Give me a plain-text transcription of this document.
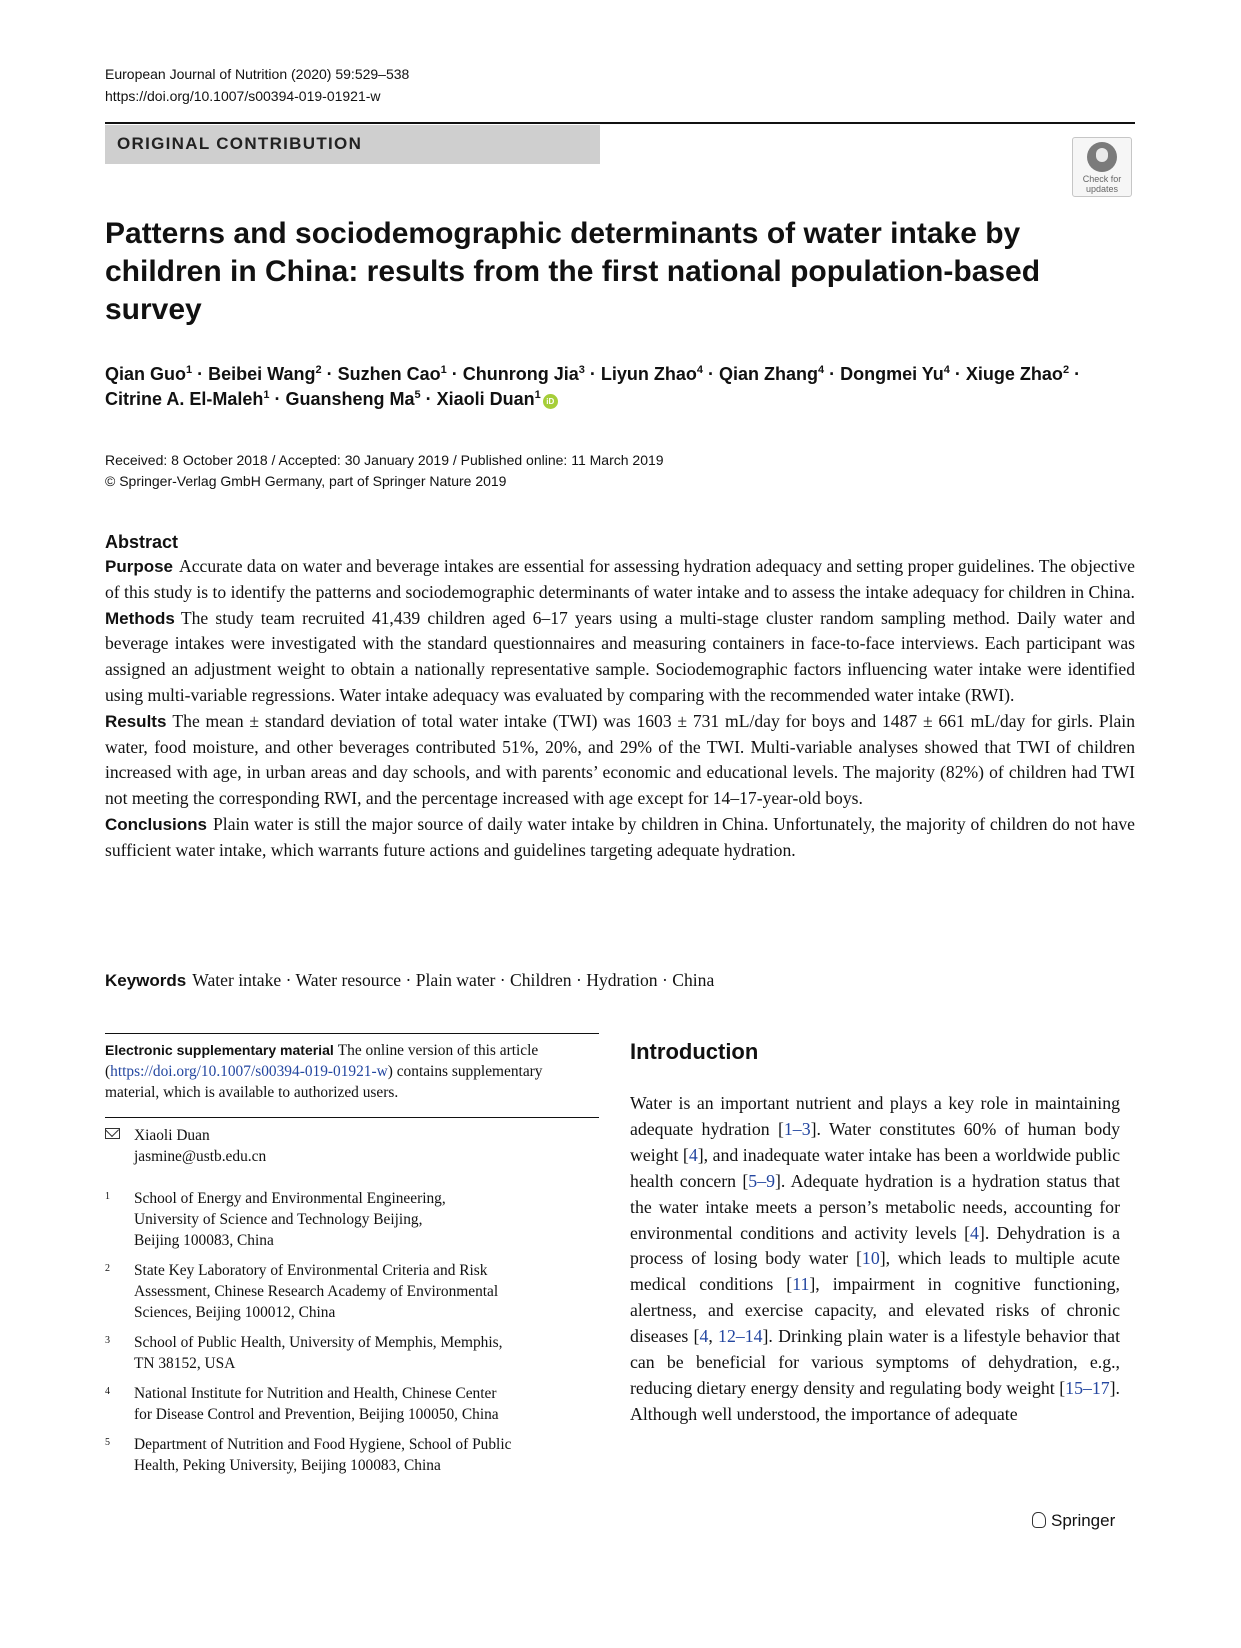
European Journal of Nutrition (2020) 59:529–538
https://doi.org/10.1007/s00394-019-01921-w
ORIGINAL CONTRIBUTION
Check for
updates
Patterns and sociodemographic determinants of water intake by children in China: results from the first national population-based survey
Qian Guo$^1$ · Beibei Wang$^2$ · Suzhen Cao$^1$ · Chunrong Jia$^3$ · Liyun Zhao$^4$ · Qian Zhang$^4$ · Dongmei $Yu^4$ · Xiuge Zhao$^2$ ·
Citrine A. El-Maleh$^1$ · Guansheng $Ma^5$ · Xiaoli Duan$^1$iD
Received: 8 October 2018 / Accepted: 30 January 2019 / Published online: 11 March 2019
© Springer-Verlag GmbH Germany, part of Springer Nature 2019
Abstract

Purpose Accurate data on water and beverage intakes are essential for assessing hydration adequacy and setting proper guidelines. The objective of this study is to identify the patterns and sociodemographic determinants of water intake and to assess the intake adequacy for children in China.

Methods The study team recruited 41,439 children aged 6–17 years using a multi-stage cluster random sampling method. Daily water and beverage intakes were investigated with the standard questionnaires and measuring containers in face-to-face interviews. Each participant was assigned an adjustment weight to obtain a nationally representative sample. Sociodemographic factors influencing water intake were identified using multi-variable regressions. Water intake adequacy was evaluated by comparing with the recommended water intake (RWI).

Results The mean ± standard deviation of total water intake (TWI) was 1603 ± 731 mL/day for boys and 1487 ± 661 mL/day for girls. Plain water, food moisture, and other beverages contributed 51%, 20%, and 29% of the TWI. Multi-variable analyses showed that TWI of children increased with age, in urban areas and day schools, and with parents’ economic and educational levels. The majority (82%) of children had TWI not meeting the corresponding RWI, and the percentage increased with age except for 14–17-year-old boys.

Conclusions Plain water is still the major source of daily water intake by children in China. Unfortunately, the majority of children do not have sufficient water intake, which warrants future actions and guidelines targeting adequate hydration.

Keywords Water intake · Water resource · Plain water · Children · Hydration · China
Electronic supplementary material The online version of this article (https://doi.org/10.1007/s00394-019-01921-w) contains supplementary material, which is available to authorized users.
Xiaoli Duan
jasmine@ustb.edu.cn
1 School of Energy and Environmental Engineering,
University of Science and Technology Beijing,
Beijing 100083, China
2 State Key Laboratory of Environmental Criteria and Risk
Assessment, Chinese Research Academy of Environmental
Sciences, Beijing 100012, China
3 School of Public Health, University of Memphis, Memphis,
TN 38152, USA
4 National Institute for Nutrition and Health, Chinese Center
for Disease Control and Prevention, Beijing 100050, China
5 Department of Nutrition and Food Hygiene, School of Public
Health, Peking University, Beijing 100083, China
Introduction

Water is an important nutrient and plays a key role in maintaining adequate hydration [1–3]. Water constitutes 60% of human body weight [4], and inadequate water intake has been a worldwide public health concern [5–9]. Adequate hydration is a hydration status that the water intake meets a person’s metabolic needs, accounting for environmental conditions and activity levels [4]. Dehydration is a process of losing body water [10], which leads to multiple acute medical conditions [11], impairment in cognitive functioning, alertness, and exercise capacity, and elevated risks of chronic diseases [4, 12–14]. Drinking plain water is a lifestyle behavior that can be beneficial for various symptoms of dehydration, e.g., reducing dietary energy density and regulating body weight [15–17]. Although well understood, the importance of adequate

Springer
